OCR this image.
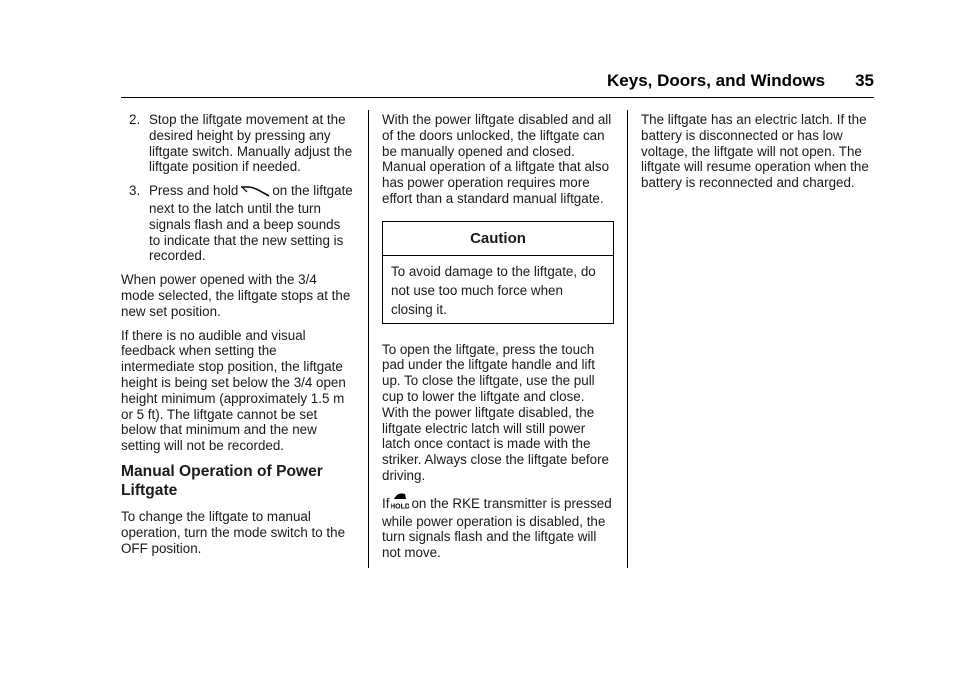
Keys, Doors, and Windows 35
2. Stop the liftgate movement at the desired height by pressing any liftgate switch. Manually adjust the liftgate position if needed.
3. Press and hold	on the liftgate next to the latch until the turn signals flash and a beep sounds to indicate that the new setting is recorded.

When power opened with the 3/4 mode selected, the liftgate stops at the new set position.

If there is no audible and visual feedback when setting the intermediate stop position, the liftgate height is being set below the 3/4 open height minimum (approximately 1.5 m or 5 ft). The liftgate cannot be set below that minimum and the new setting will not be recorded.

Manual Operation of Power Liftgate

To change the liftgate to manual operation, turn the mode switch to the OFF position.

With the power liftgate disabled and all of the doors unlocked, the liftgate can be manually opened and closed. Manual operation of a liftgate that also has power operation requires more effort than a standard manual liftgate.

Caution
To avoid damage to the liftgate, do not use too much force when closing it.

To open the liftgate, press the touch pad under the liftgate handle and lift up. To close the liftgate, use the pull cup to lower the liftgate and close. With the power liftgate disabled, the liftgate electric latch will still power latch once contact is made with the striker. Always close the liftgate before driving.

If HOLD on the RKE transmitter is pressed while power operation is disabled, the turn signals flash and the liftgate will not move.

The liftgate has an electric latch. If the battery is disconnected or has low voltage, the liftgate will not open. The liftgate will resume operation when the battery is reconnected and charged.
